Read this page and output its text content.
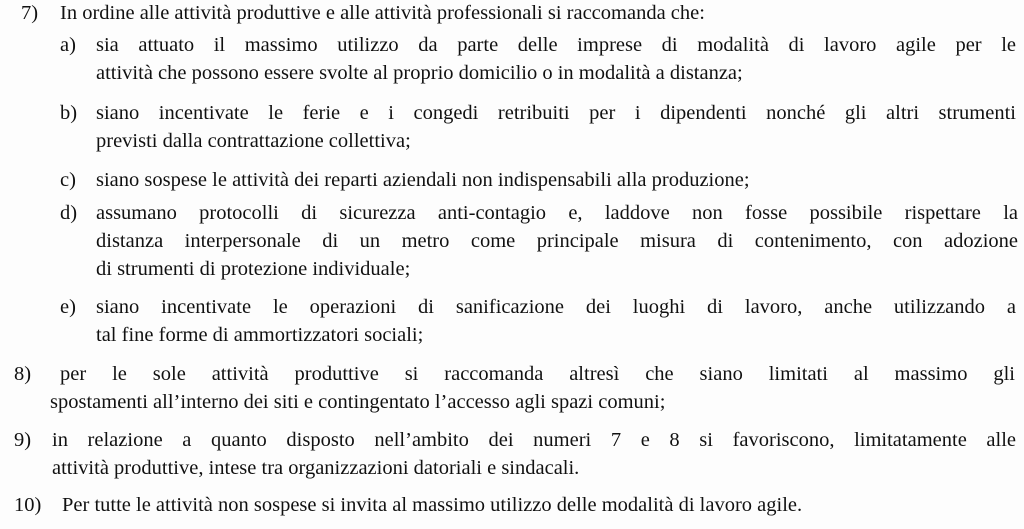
7) In ordine alle attività produttive e alle attività professionali si raccomanda che:
a) sia attuato il massimo utilizzo da parte delle imprese di modalità di lavoro agile per le
attività che possono essere svolte al proprio domicilio o in modalità a distanza;
b) siano incentivate le ferie e i congedi retribuiti per i dipendenti nonché gli altri strumenti
previsti dalla contrattazione collettiva;
c) siano sospese le attività dei reparti aziendali non indispensabili alla produzione;
d) assumano protocolli di sicurezza anti-contagio e, laddove non fosse possibile rispettare la
distanza interpersonale di un metro come principale misura di contenimento, con adozione
di strumenti di protezione individuale;
e) siano incentivate le operazioni di sanificazione dei luoghi di lavoro, anche utilizzando a
tal fine forme di ammortizzatori sociali;
8) per le sole attività produttive si raccomanda altresì che siano limitati al massimo gli
spostamenti all’interno dei siti e contingentato l’accesso agli spazi comuni;
9) in relazione a quanto disposto nell’ambito dei numeri 7 e 8 si favoriscono, limitatamente alle
attività produttive, intese tra organizzazioni datoriali e sindacali.
10) Per tutte le attività non sospese si invita al massimo utilizzo delle modalità di lavoro agile.
